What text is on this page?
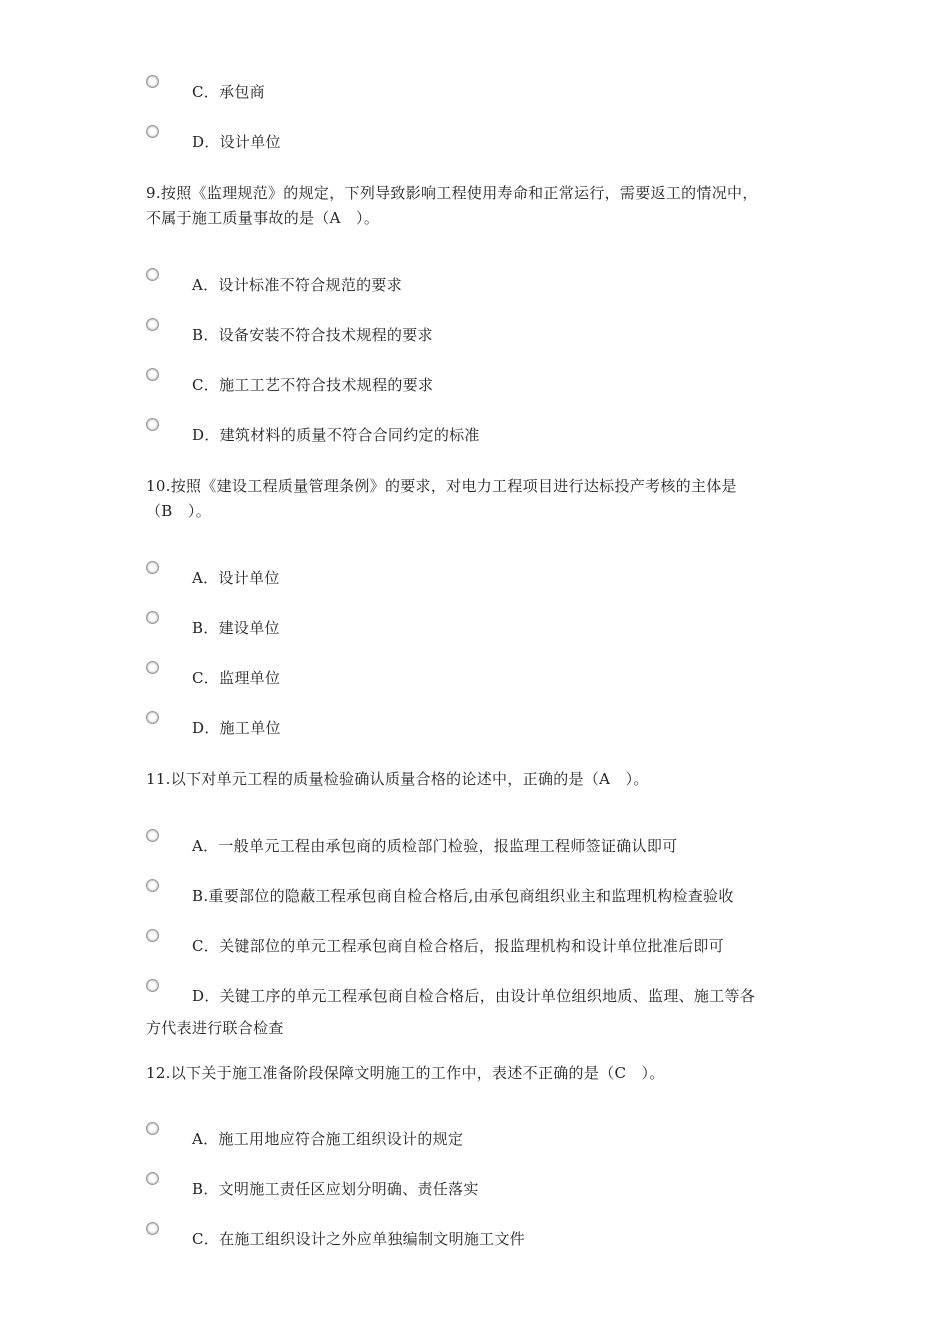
C．承包商
D．设计单位
9.按照《监理规范》的规定，下列导致影响工程使用寿命和正常运行，需要返工的情况中，
不属于施工质量事故的是（A　）。
A．设计标准不符合规范的要求
B．设备安装不符合技术规程的要求
C．施工工艺不符合技术规程的要求
D．建筑材料的质量不符合合同约定的标准
10.按照《建设工程质量管理条例》的要求，对电力工程项目进行达标投产考核的主体是
（B　）。
A．设计单位
B．建设单位
C．监理单位
D．施工单位
11.以下对单元工程的质量检验确认质量合格的论述中，正确的是（A　）。
A．一般单元工程由承包商的质检部门检验，报监理工程师签证确认即可
B.重要部位的隐蔽工程承包商自检合格后,由承包商组织业主和监理机构检查验收
C．关键部位的单元工程承包商自检合格后，报监理机构和设计单位批准后即可
D．关键工序的单元工程承包商自检合格后，由设计单位组织地质、监理、施工等各
方代表进行联合检查
12.以下关于施工准备阶段保障文明施工的工作中，表述不正确的是（C　）。
A．施工用地应符合施工组织设计的规定
B．文明施工责任区应划分明确、责任落实
C．在施工组织设计之外应单独编制文明施工文件
